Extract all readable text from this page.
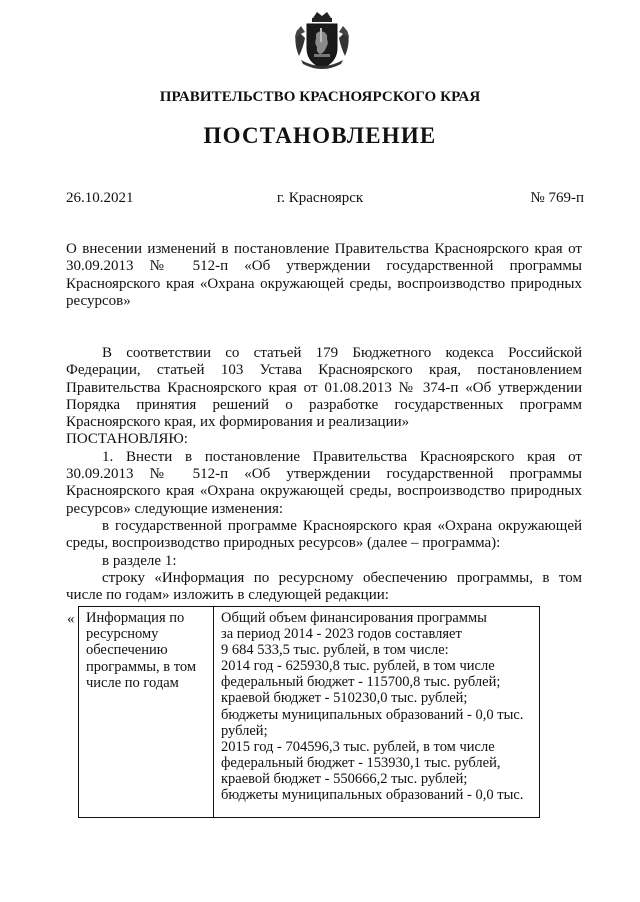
ПРАВИТЕЛЬСТВО КРАСНОЯРСКОГО КРАЯ
ПОСТАНОВЛЕНИЕ
26.10.2021	г. Красноярск	№ 769-п
О внесении изменений в постановление Правительства Красноярского края от 30.09.2013 № 512-п «Об утверждении государственной программы Красноярского края «Охрана окружающей среды, воспроизводство природных ресурсов»

В соответствии со статьей 179 Бюджетного кодекса Российской Федерации, статьей 103 Устава Красноярского края, постановлением Правительства Красноярского края от 01.08.2013 № 374-п «Об утверждении Порядка принятия решений о разработке государственных программ Красноярского края, их формирования и реализации»

ПОСТАНОВЛЯЮ:

1. Внести в постановление Правительства Красноярского края от 30.09.2013 № 512-п «Об утверждении государственной программы Красноярского края «Охрана окружающей среды, воспроизводство природных ресурсов» следующие изменения:

в государственной программе Красноярского края «Охрана окружающей среды, воспроизводство природных ресурсов» (далее – программа):

в разделе 1:

строку «Информация по ресурсному обеспечению программы, в том числе по годам» изложить в следующей редакции:

« Информация по ресурсному обеспечению программы, в том числе по годам
Общий объем финансирования программы
за период 2014 - 2023 годов составляет
9 684 533,5 тыс. рублей, в том числе:
2014 год - 625930,8 тыс. рублей, в том числе
федеральный бюджет - 115700,8 тыс. рублей;
краевой бюджет - 510230,0 тыс. рублей;
бюджеты муниципальных образований - 0,0 тыс.
рублей;
2015 год - 704596,3 тыс. рублей, в том числе
федеральный бюджет - 153930,1 тыс. рублей,
краевой бюджет - 550666,2 тыс. рублей;
бюджеты муниципальных образований - 0,0 тыс.
